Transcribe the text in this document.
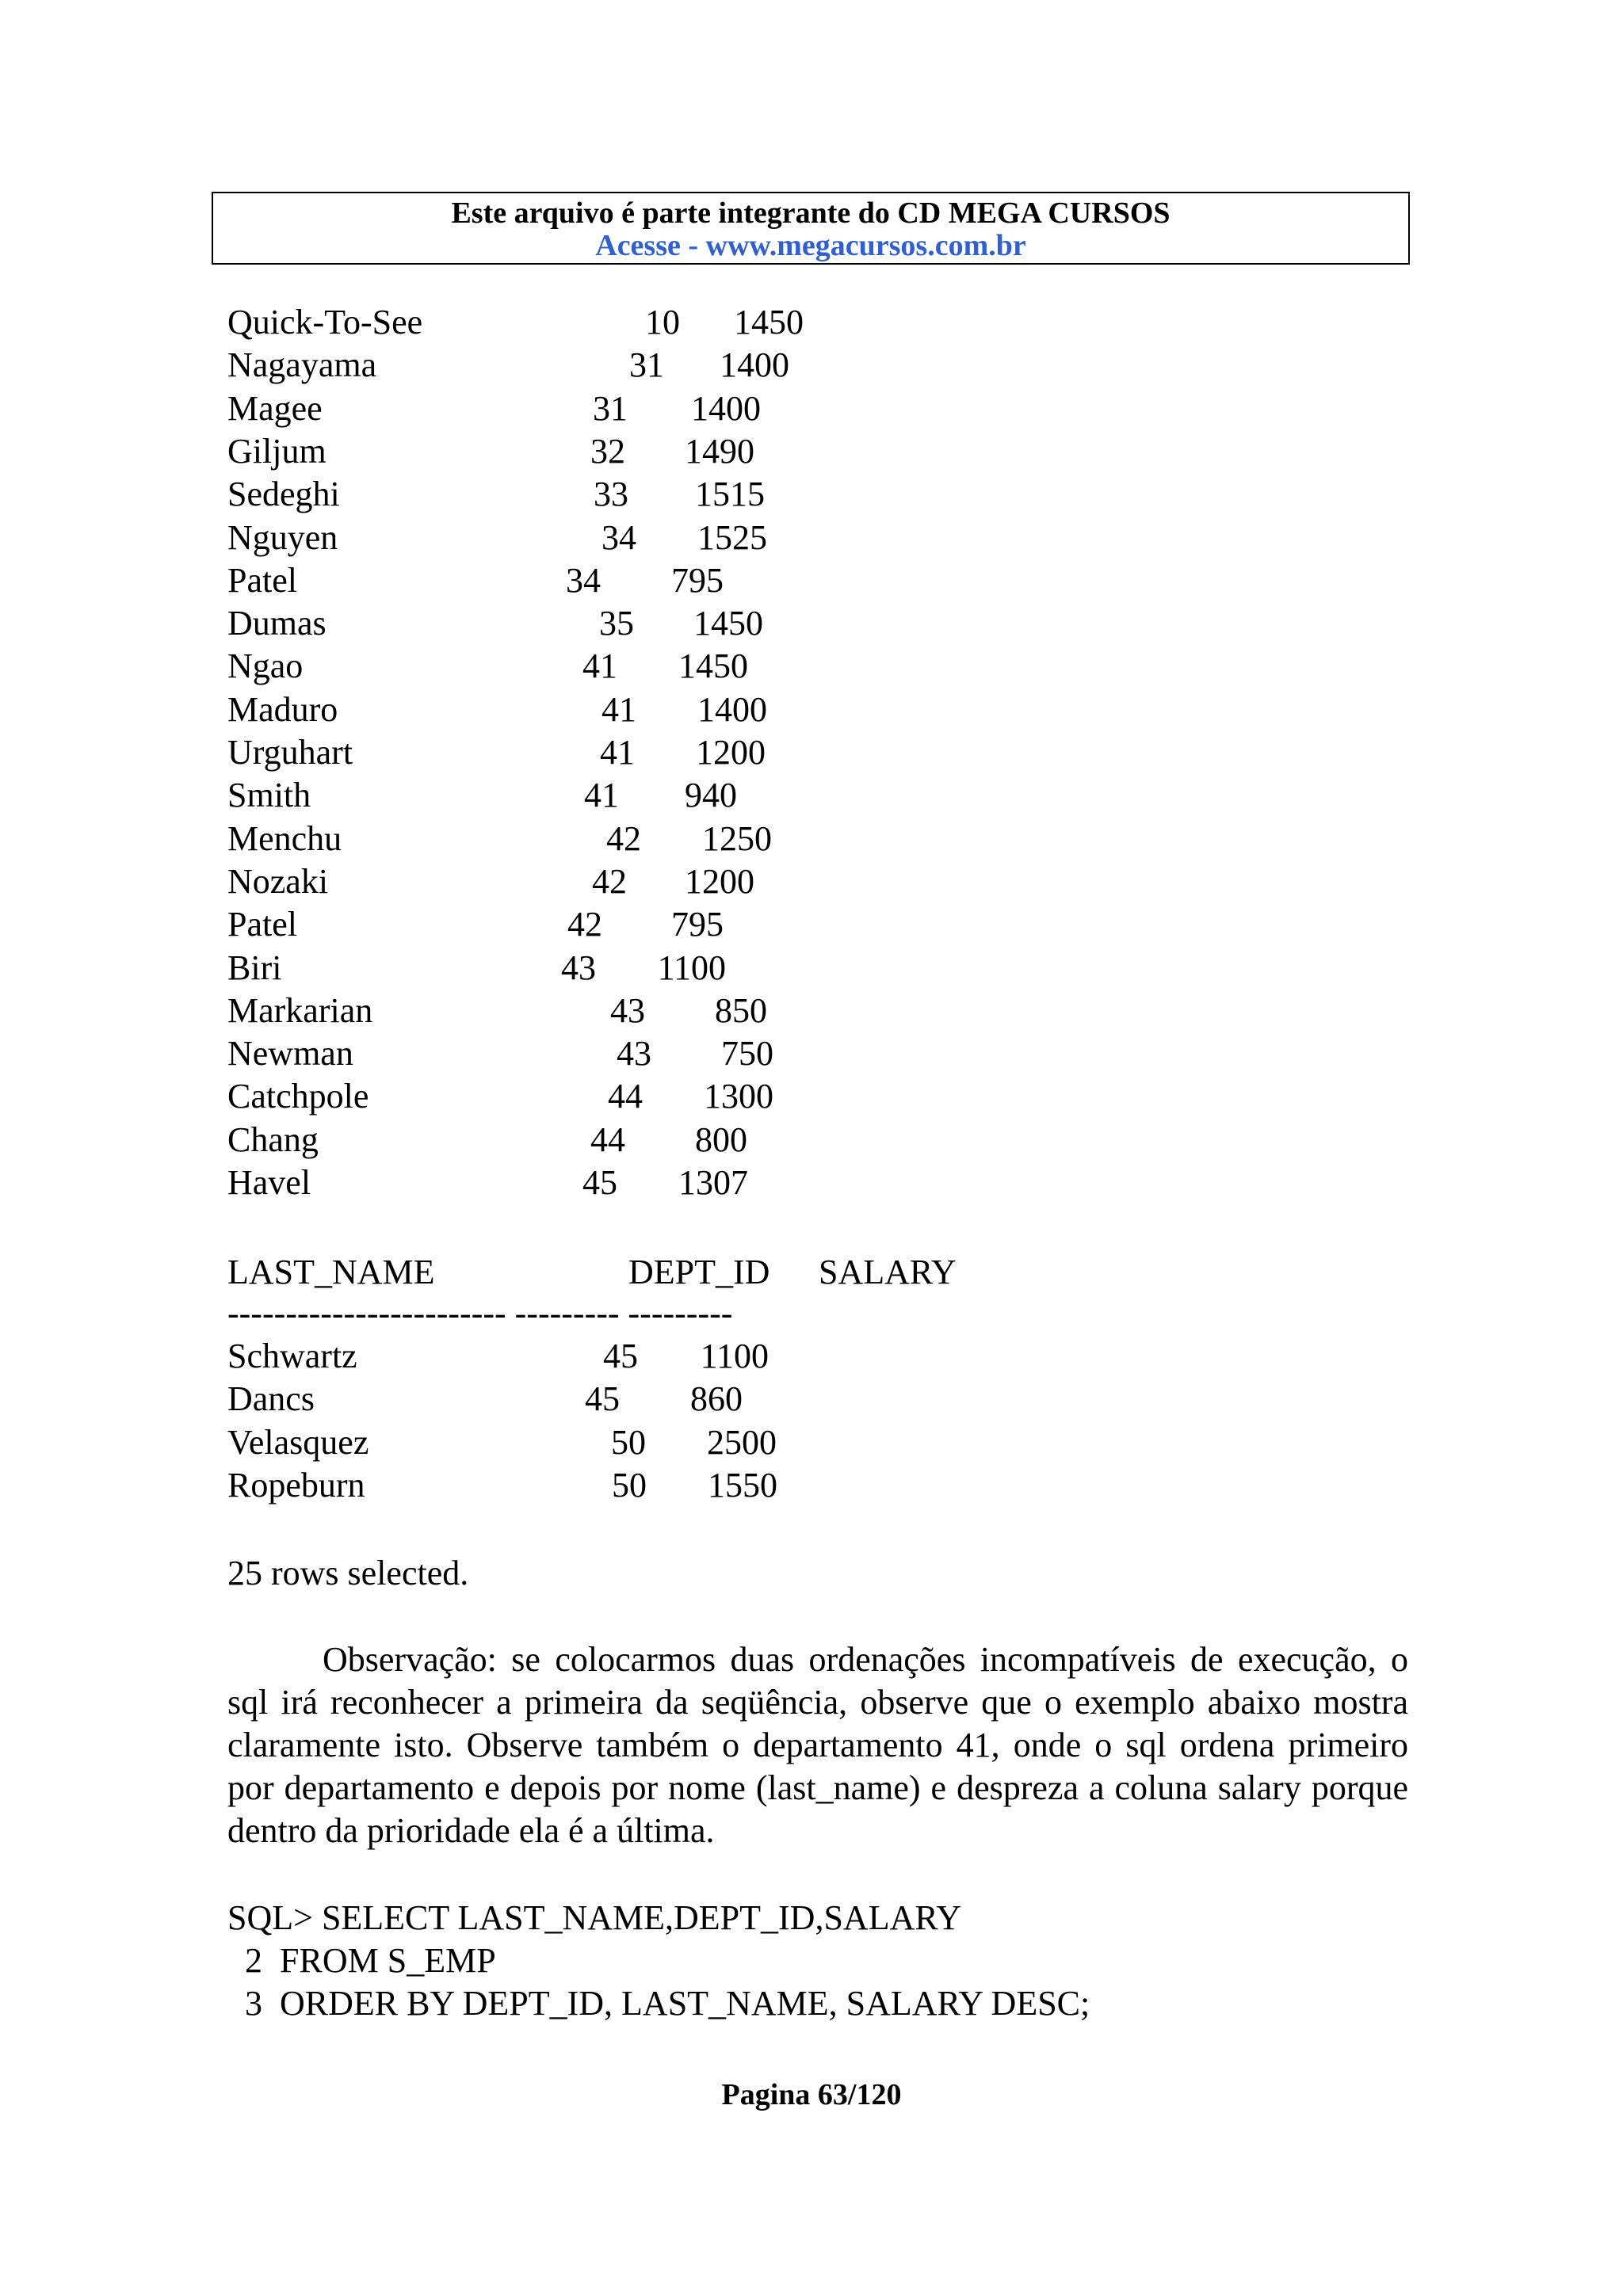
Este arquivo é parte integrante do CD MEGA CURSOS
Acesse - www.megacursos.com.br
Quick-To-See	10	1450
Nagayama	31	1400
Magee	31	1400
Giljum	32	1490
Sedeghi	33	1515
Nguyen	34	1525
Patel	34	795
Dumas	35	1450
Ngao	41	1450
Maduro	41	1400
Urguhart	41	1200
Smith	41	940
Menchu	42	1250
Nozaki	42	1200
Patel	42	795
Biri	43	1100
Markarian	43	850
Newman	43	750
Catchpole	44	1300
Chang	44	800
Havel	45	1307
LAST_NAME	DEPT_ID SALARY
------------------------ --------- ---------
Schwartz	45	1100
Dancs	45	860
Velasquez	50	2500
Ropeburn	50	1550
25 rows selected.

Observação: se colocarmos duas ordenações incompatíveis de execução, o sql irá reconhecer a primeira da seqüência, observe que o exemplo abaixo mostra claramente isto. Observe também o departamento 41, onde o sql ordena primeiro por departamento e depois por nome (last_name) e despreza a coluna salary porque dentro da prioridade ela é a última.

SQL> SELECT LAST_NAME,DEPT_ID,SALARY
2  FROM S_EMP
3  ORDER BY DEPT_ID, LAST_NAME, SALARY DESC;
Pagina 63/120
